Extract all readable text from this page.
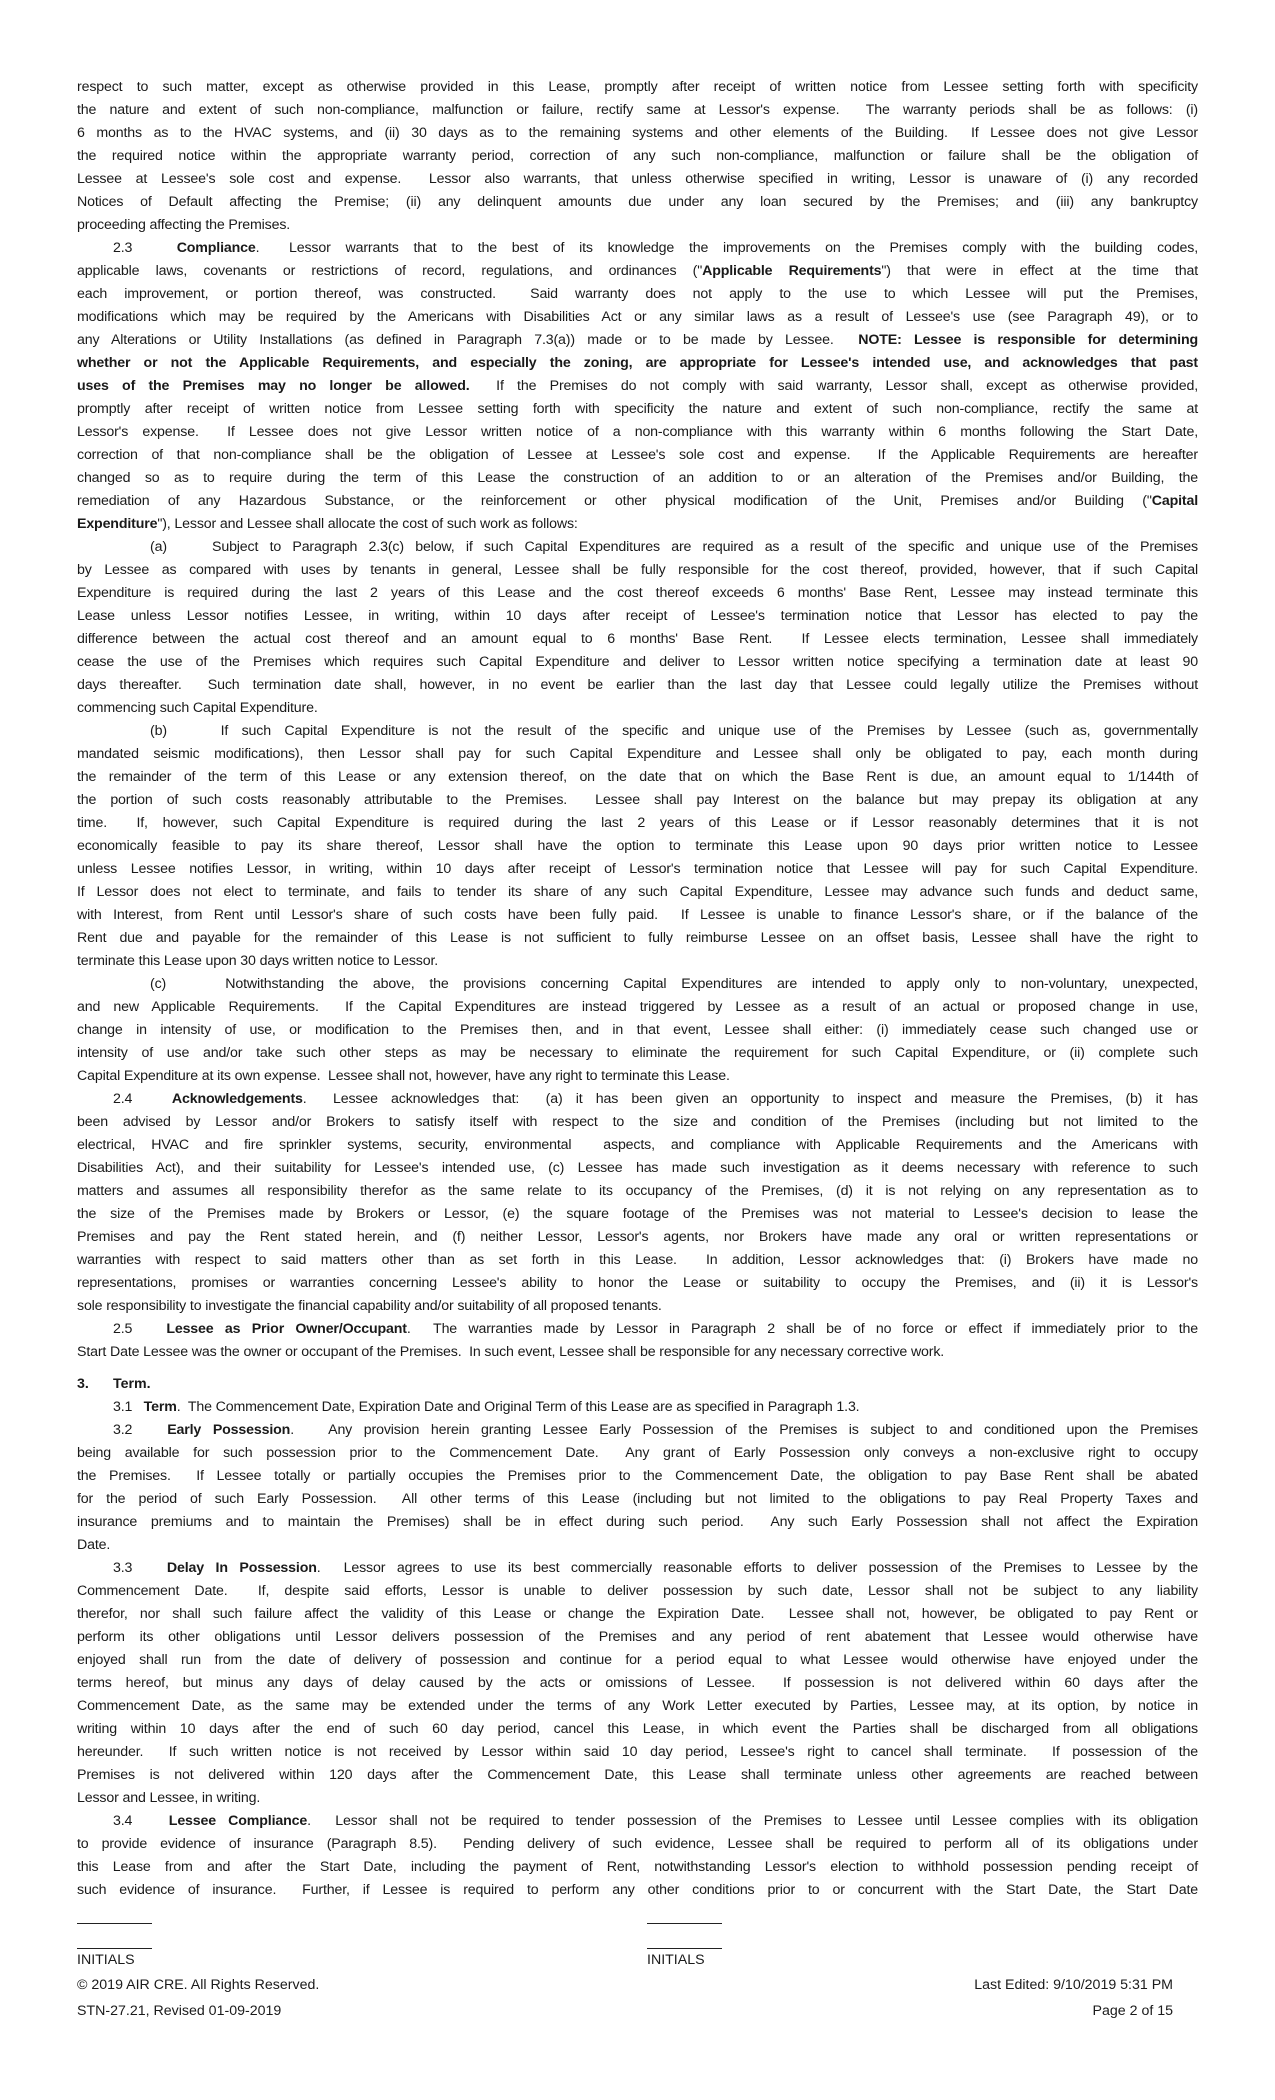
respect to such matter, except as otherwise provided in this Lease, promptly after receipt of written notice from Lessee setting forth with specificity
the nature and extent of such non-compliance, malfunction or failure, rectify same at Lessor's expense.  The warranty periods shall be as follows: (i)
6 months as to the HVAC systems, and (ii) 30 days as to the remaining systems and other elements of the Building.  If Lessee does not give Lessor
the required notice within the appropriate warranty period, correction of any such non-compliance, malfunction or failure shall be the obligation of
Lessee at Lessee's sole cost and expense.  Lessor also warrants, that unless otherwise specified in writing, Lessor is unaware of (i) any recorded
Notices of Default affecting the Premise; (ii) any delinquent amounts due under any loan secured by the Premises; and (iii) any bankruptcy
proceeding affecting the Premises.
2.3   Compliance.  Lessor warrants that to the best of its knowledge the improvements on the Premises comply with the building codes,
applicable laws, covenants or restrictions of record, regulations, and ordinances ("Applicable Requirements") that were in effect at the time that
each improvement, or portion thereof, was constructed.  Said warranty does not apply to the use to which Lessee will put the Premises,
modifications which may be required by the Americans with Disabilities Act or any similar laws as a result of Lessee's use (see Paragraph 49), or to
any Alterations or Utility Installations (as defined in Paragraph 7.3(a)) made or to be made by Lessee.  NOTE: Lessee is responsible for determining
whether or not the Applicable Requirements, and especially the zoning, are appropriate for Lessee's intended use, and acknowledges that past
uses of the Premises may no longer be allowed.  If the Premises do not comply with said warranty, Lessor shall, except as otherwise provided,
promptly after receipt of written notice from Lessee setting forth with specificity the nature and extent of such non-compliance, rectify the same at
Lessor's expense.  If Lessee does not give Lessor written notice of a non-compliance with this warranty within 6 months following the Start Date,
correction of that non-compliance shall be the obligation of Lessee at Lessee's sole cost and expense.  If the Applicable Requirements are hereafter
changed so as to require during the term of this Lease the construction of an addition to or an alteration of the Premises and/or Building, the
remediation of any Hazardous Substance, or the reinforcement or other physical modification of the Unit, Premises and/or Building ("Capital
Expenditure"), Lessor and Lessee shall allocate the cost of such work as follows:
(a)    Subject to Paragraph 2.3(c) below, if such Capital Expenditures are required as a result of the specific and unique use of the Premises
by Lessee as compared with uses by tenants in general, Lessee shall be fully responsible for the cost thereof, provided, however, that if such Capital
Expenditure is required during the last 2 years of this Lease and the cost thereof exceeds 6 months' Base Rent, Lessee may instead terminate this
Lease unless Lessor notifies Lessee, in writing, within 10 days after receipt of Lessee's termination notice that Lessor has elected to pay the
difference between the actual cost thereof and an amount equal to 6 months' Base Rent.  If Lessee elects termination, Lessee shall immediately
cease the use of the Premises which requires such Capital Expenditure and deliver to Lessor written notice specifying a termination date at least 90
days thereafter.  Such termination date shall, however, in no event be earlier than the last day that Lessee could legally utilize the Premises without
commencing such Capital Expenditure.
(b)    If such Capital Expenditure is not the result of the specific and unique use of the Premises by Lessee (such as, governmentally
mandated seismic modifications), then Lessor shall pay for such Capital Expenditure and Lessee shall only be obligated to pay, each month during
the remainder of the term of this Lease or any extension thereof, on the date that on which the Base Rent is due, an amount equal to 1/144th of
the portion of such costs reasonably attributable to the Premises.  Lessee shall pay Interest on the balance but may prepay its obligation at any
time.  If, however, such Capital Expenditure is required during the last 2 years of this Lease or if Lessor reasonably determines that it is not
economically feasible to pay its share thereof, Lessor shall have the option to terminate this Lease upon 90 days prior written notice to Lessee
unless Lessee notifies Lessor, in writing, within 10 days after receipt of Lessor's termination notice that Lessee will pay for such Capital Expenditure.
If Lessor does not elect to terminate, and fails to tender its share of any such Capital Expenditure, Lessee may advance such funds and deduct same,
with Interest, from Rent until Lessor's share of such costs have been fully paid.  If Lessee is unable to finance Lessor's share, or if the balance of the
Rent due and payable for the remainder of this Lease is not sufficient to fully reimburse Lessee on an offset basis, Lessee shall have the right to
terminate this Lease upon 30 days written notice to Lessor.
(c)    Notwithstanding the above, the provisions concerning Capital Expenditures are intended to apply only to non-voluntary, unexpected,
and new Applicable Requirements.  If the Capital Expenditures are instead triggered by Lessee as a result of an actual or proposed change in use,
change in intensity of use, or modification to the Premises then, and in that event, Lessee shall either: (i) immediately cease such changed use or
intensity of use and/or take such other steps as may be necessary to eliminate the requirement for such Capital Expenditure, or (ii) complete such
Capital Expenditure at its own expense.  Lessee shall not, however, have any right to terminate this Lease.
2.4   Acknowledgements.  Lessee acknowledges that:  (a) it has been given an opportunity to inspect and measure the Premises, (b) it has
been advised by Lessor and/or Brokers to satisfy itself with respect to the size and condition of the Premises (including but not limited to the
electrical, HVAC and fire sprinkler systems, security, environmental  aspects, and compliance with Applicable Requirements and the Americans with
Disabilities Act), and their suitability for Lessee's intended use, (c) Lessee has made such investigation as it deems necessary with reference to such
matters and assumes all responsibility therefor as the same relate to its occupancy of the Premises, (d) it is not relying on any representation as to
the size of the Premises made by Brokers or Lessor, (e) the square footage of the Premises was not material to Lessee's decision to lease the
Premises and pay the Rent stated herein, and (f) neither Lessor, Lessor's agents, nor Brokers have made any oral or written representations or
warranties with respect to said matters other than as set forth in this Lease.  In addition, Lessor acknowledges that: (i) Brokers have made no
representations, promises or warranties concerning Lessee's ability to honor the Lease or suitability to occupy the Premises, and (ii) it is Lessor's
sole responsibility to investigate the financial capability and/or suitability of all proposed tenants.
2.5   Lessee as Prior Owner/Occupant.  The warranties made by Lessor in Paragraph 2 shall be of no force or effect if immediately prior to the
Start Date Lessee was the owner or occupant of the Premises.  In such event, Lessee shall be responsible for any necessary corrective work.
3.	Term.
3.1   Term.  The Commencement Date, Expiration Date and Original Term of this Lease are as specified in Paragraph 1.3.
3.2   Early Possession.   Any provision herein granting Lessee Early Possession of the Premises is subject to and conditioned upon the Premises
being available for such possession prior to the Commencement Date.  Any grant of Early Possession only conveys a non-exclusive right to occupy
the Premises.  If Lessee totally or partially occupies the Premises prior to the Commencement Date, the obligation to pay Base Rent shall be abated
for the period of such Early Possession.  All other terms of this Lease (including but not limited to the obligations to pay Real Property Taxes and
insurance premiums and to maintain the Premises) shall be in effect during such period.  Any such Early Possession shall not affect the Expiration
Date.
3.3   Delay In Possession.  Lessor agrees to use its best commercially reasonable efforts to deliver possession of the Premises to Lessee by the
Commencement Date.  If, despite said efforts, Lessor is unable to deliver possession by such date, Lessor shall not be subject to any liability
therefor, nor shall such failure affect the validity of this Lease or change the Expiration Date.  Lessee shall not, however, be obligated to pay Rent or
perform its other obligations until Lessor delivers possession of the Premises and any period of rent abatement that Lessee would otherwise have
enjoyed shall run from the date of delivery of possession and continue for a period equal to what Lessee would otherwise have enjoyed under the
terms hereof, but minus any days of delay caused by the acts or omissions of Lessee.  If possession is not delivered within 60 days after the
Commencement Date, as the same may be extended under the terms of any Work Letter executed by Parties, Lessee may, at its option, by notice in
writing within 10 days after the end of such 60 day period, cancel this Lease, in which event the Parties shall be discharged from all obligations
hereunder.  If such written notice is not received by Lessor within said 10 day period, Lessee's right to cancel shall terminate.  If possession of the
Premises is not delivered within 120 days after the Commencement Date, this Lease shall terminate unless other agreements are reached between
Lessor and Lessee, in writing.
3.4   Lessee Compliance.  Lessor shall not be required to tender possession of the Premises to Lessee until Lessee complies with its obligation
to provide evidence of insurance (Paragraph 8.5).  Pending delivery of such evidence, Lessee shall be required to perform all of its obligations under
this Lease from and after the Start Date, including the payment of Rent, notwithstanding Lessor's election to withhold possession pending receipt of
such evidence of insurance.  Further, if Lessee is required to perform any other conditions prior to or concurrent with the Start Date, the Start Date
INITIALS	INITIALS
© 2019 AIR CRE. All Rights Reserved.
STN-27.21, Revised 01-09-2019
Last Edited: 9/10/2019 5:31 PM
Page 2 of 15
